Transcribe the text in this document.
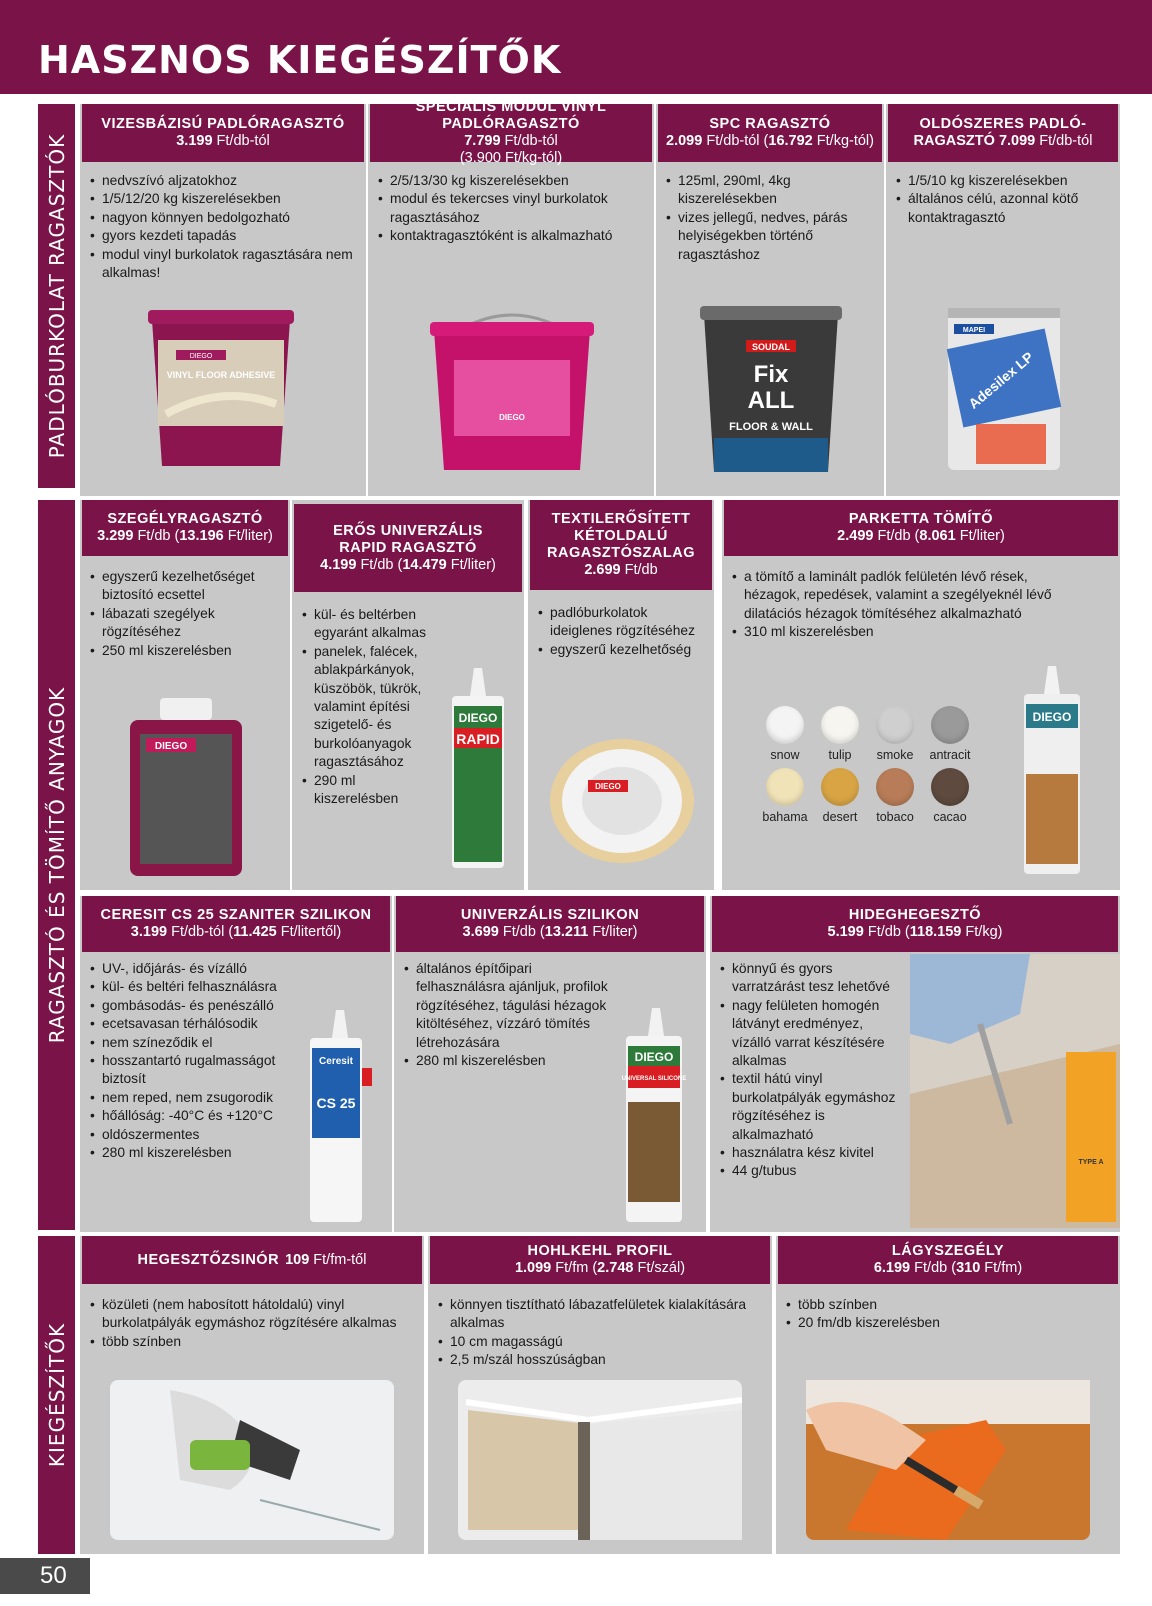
HASZNOS KIEGÉSZÍTŐK
PADLÓBURKOLAT RAGASZTÓK
RAGASZTÓ ÉS TÖMÍTŐ ANYAGOK
KIEGÉSZÍTŐK
VIZESBÁZISÚ PADLÓRAGASZTÓ
3.199 Ft/db-tól
• nedvszívó aljzatokhoz
• 1/5/12/20 kg kiszerelésekben
• nagyon könnyen bedolgozható
• gyors kezdeti tapadás
• modul vinyl burkolatok ragasztására nem alkalmas!
DIEGO
VINYL FLOOR ADHESIVE
SPECIÁLIS MODUL VINYL PADLÓRAGASZTÓ
7.799 Ft/db-tól
(3.900 Ft/kg-tól)
• 2/5/13/30 kg kiszerelésekben
• modul és tekercses vinyl burkolatok ragasztásához
• kontaktragasztóként is alkalmazható
DIEGO
SPC RAGASZTÓ
2.099 Ft/db-tól (16.792 Ft/kg-tól)
• 125ml, 290ml, 4kg kiszerelésekben
• vizes jellegű, nedves, párás helyiségekben történő ragasztáshoz
SOUDAL
Fix
ALL
FLOOR & WALL
OLDÓSZERES PADLÓ-
RAGASZTÓ 7.099 Ft/db-tól
• 1/5/10 kg kiszerelésekben
• általános célú, azonnal kötő kontaktragasztó
MAPEI
Adesilex LP
SZEGÉLYRAGASZTÓ
3.299 Ft/db (13.196 Ft/liter)
• egyszerű kezelhetőséget biztosító ecsettel
• lábazati szegélyek rögzítéséhez
• 250 ml kiszerelésben
DIEGO
ERŐS UNIVERZÁLIS
RAPID RAGASZTÓ
4.199 Ft/db (14.479 Ft/liter)
• kül- és beltérben egyaránt alkalmas
• panelek, falécek, ablakpárkányok, küszöbök, tükrök, valamint építési szigetelő- és burkolóanyagok ragasztásához
• 290 ml kiszerelésben
DIEGO
RAPID
TEXTILERŐSÍTETT
KÉTOLDALÚ
RAGASZTÓSZALAG
2.699 Ft/db
• padlóburkolatok ideiglenes rögzítéséhez
• egyszerű kezelhetőség
DIEGO
PARKETTA TÖMÍTŐ
2.499 Ft/db (8.061 Ft/liter)
• a tömítő a laminált padlók felületén lévő rések, hézagok, repedések, valamint a szegélyeknél lévő dilatációs hézagok tömítéséhez alkalmazható
• 310 ml kiszerelésben
snow	tulip	smoke	antracit
bahama	desert	tobaco	cacao
DIEGO
CERESIT CS 25 SZANITER SZILIKON
3.199 Ft/db-tól (11.425 Ft/litertől)
• UV-, időjárás- és vízálló
• kül- és beltéri felhasználásra
• gombásodás- és penészálló
• ecetsavasan térhálósodik
• nem színeződik el
• hosszantartó rugalmasságot biztosít
• nem reped, nem zsugorodik
• hőállóság: -40°C és +120°C
• oldószermentes
• 280 ml kiszerelésben
Ceresit
CS 25
UNIVERZÁLIS SZILIKON
3.699 Ft/db (13.211 Ft/liter)
• általános építőipari felhasználásra ajánljuk, profilok rögzítéséhez, tágulási hézagok kitöltéséhez, vízzáró tömítés létrehozására
• 280 ml kiszerelésben	DIEGO
UNIVERSAL SILICONE
HIDEGHEGESZTŐ
5.199 Ft/db (118.159 Ft/kg)
• könnyű és gyors varratzárást tesz lehetővé
• nagy felületen homogén látványt eredményez, vízálló varrat készítésére alkalmas
• textil hátú vinyl burkolatpályák egymáshoz rögzítéséhez is alkalmazható
• használatra kész kivitel
• 44 g/tubus
TYPE A
HEGESZTŐZSINÓR 109 Ft/fm-től
• közületi (nem habosított hátoldalú) vinyl burkolatpályák egymáshoz rögzítésére alkalmas
• több színben
HOHLKEHL PROFIL
1.099 Ft/fm (2.748 Ft/szál)
• könnyen tisztítható lábazatfelületek kialakítására alkalmas
• 10 cm magasságú
• 2,5 m/szál hosszúságban
LÁGYSZEGÉLY
6.199 Ft/db (310 Ft/fm)
• több színben
• 20 fm/db kiszerelésben
50
